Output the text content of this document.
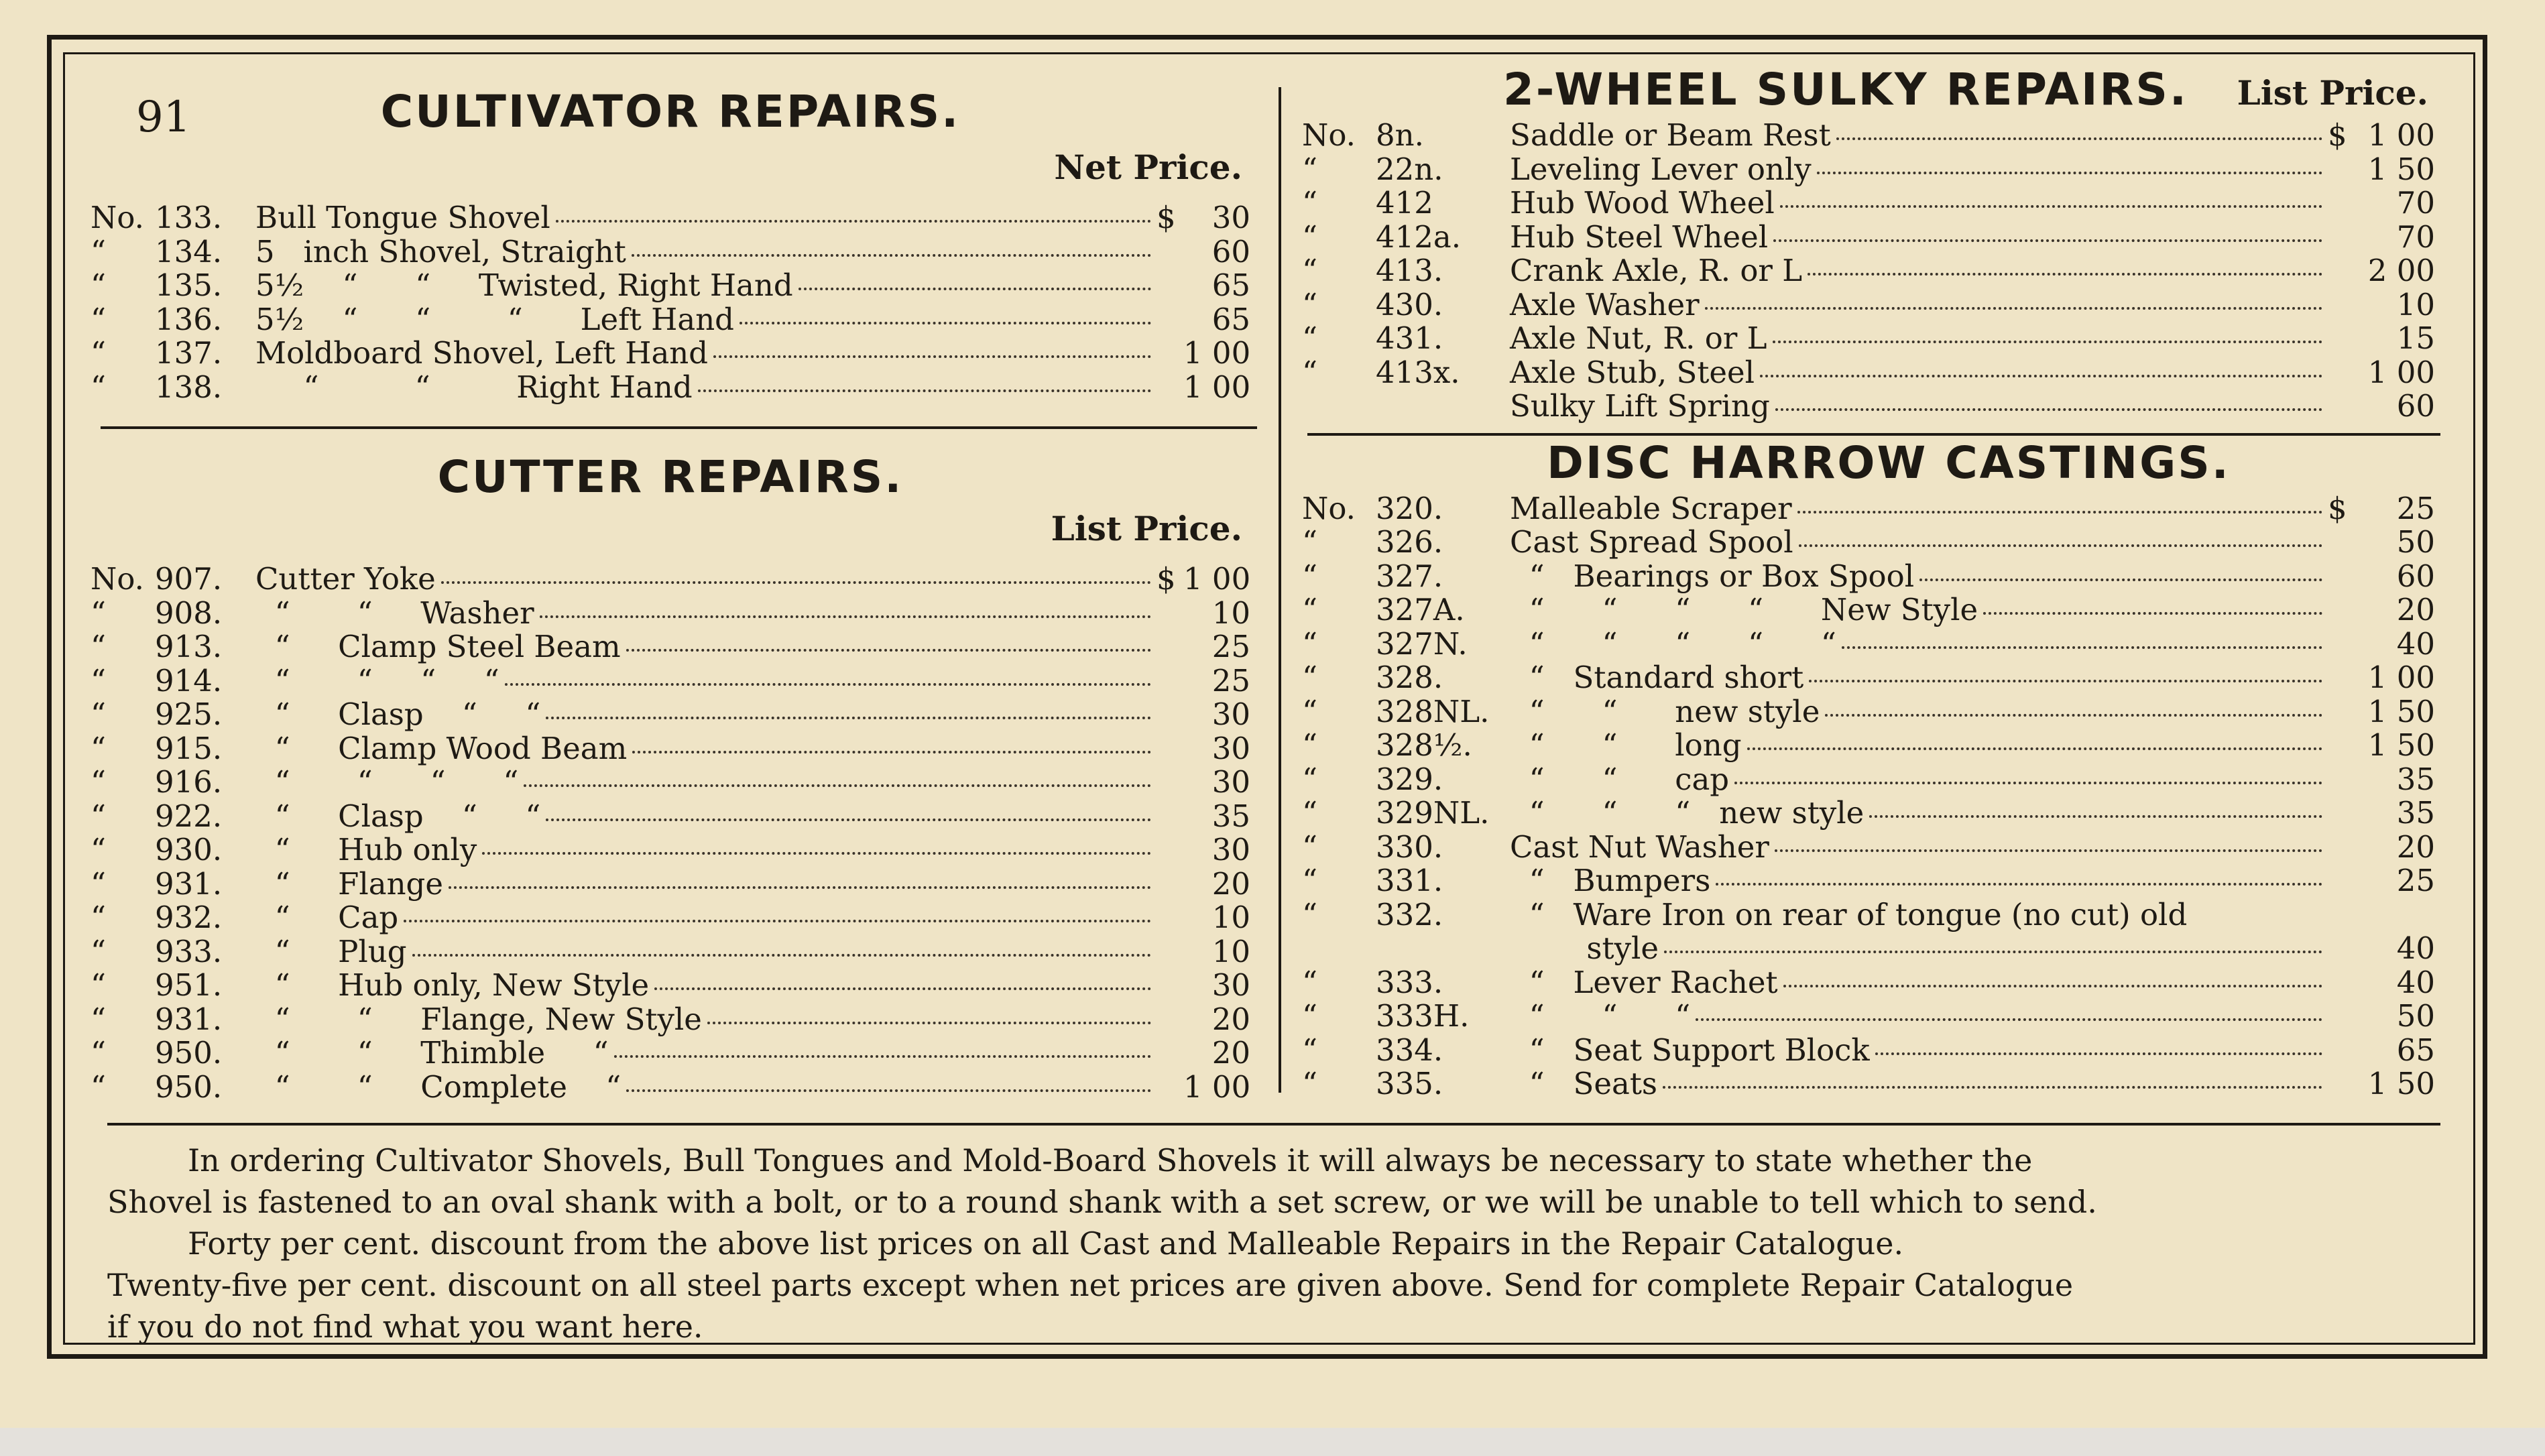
91	CULTIVATOR REPAIRS.
Net Price.
No. 133.	Bull Tongue Shovel	$	30
“	134.	5   inch Shovel, Straight	60
“	135.	5½    “      “     Twisted, Right Hand	65
“	136.	5½    “      “        “      Left Hand	65
“	137.	Moldboard Shovel, Left Hand	1 00
“	138.	“          “         Right Hand	1 00
CUTTER REPAIRS.
List Price.
No. 907.	Cutter Yoke	$ 1 00
“	908.	“       “     Washer	10
“	913.	“     Clamp Steel Beam	25
“	914.	“       “     “     “	25
“	925.	“     Clasp    “     “	30
“	915.	“     Clamp Wood Beam	30
“	916.	“       “      “      “	30
“	922.	“     Clasp    “     “	35
“	930.	“     Hub only	30
“	931.	“     Flange	20
“	932.	“     Cap	10
“	933.	“     Plug	10
“	951.	“     Hub only, New Style	30
“	931.	“       “     Flange, New Style	20
“	950.	“       “     Thimble     “	20
“	950.	“       “     Complete    “	1 00
2-WHEEL SULKY REPAIRS. List Price.
No. 8n.	Saddle or Beam Rest	$ 1 00
“	22n.	Leveling Lever only	1 50
“	412	Hub Wood Wheel	70
“	412a.	Hub Steel Wheel	70
“	413.	Crank Axle, R. or L	2 00
“	430.	Axle Washer	10
“	431.	Axle Nut, R. or L	15
“	413x.	Axle Stub, Steel	1 00
Sulky Lift Spring	60
DISC HARROW CASTINGS.
No. 320.	Malleable Scraper	$	25
“	326.	Cast Spread Spool	50
“	327.	“   Bearings or Box Spool	60
“	327A.	“      “      “      “      New Style	20
“	327N.	“      “      “      “      “	40
“	328.	“   Standard short	1 00
“	328NL. “      “      new style	1 50
“	328½.	“      “      long	1 50
“	329.	“      “      cap	35
“	329NL. “      “      “   new style	35
“	330.	Cast Nut Washer	20
“	331.	“   Bumpers	25
“	332.	“   Ware Iron on rear of tongue (no cut) old
style	40
“	333.	“   Lever Rachet	40
“	333H.	“      “      “	50
“	334.	“   Seat Support Block	65
“	335.	“   Seats	1 50

In ordering Cultivator Shovels, Bull Tongues and Mold-Board Shovels it will always be necessary to state whether the

Shovel is fastened to an oval shank with a bolt, or to a round shank with a set screw, or we will be unable to tell which to send.

Forty per cent. discount from the above list prices on all Cast and Malleable Repairs in the Repair Catalogue.

Twenty-five per cent. discount on all steel parts except when net prices are given above. Send for complete Repair Catalogue

if you do not find what you want here.
